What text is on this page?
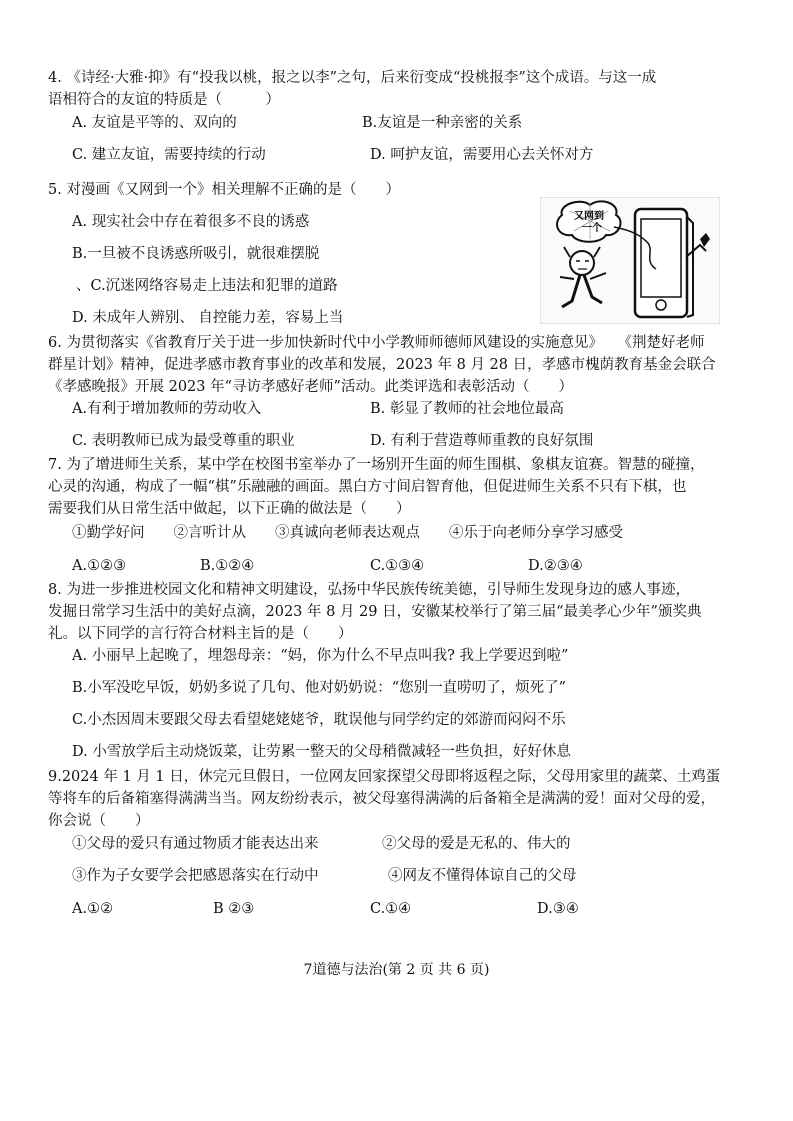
4. 《诗经·大雅·抑》有“投我以桃，报之以李”之句，后来衍变成“投桃报李”这个成语。与这一成
语相符合的友谊的特质是（　　　）
A. 友谊是平等的、双向的	B.友谊是一种亲密的关系
C. 建立友谊，需要持续的行动	D. 呵护友谊，需要用心去关怀对方
5. 对漫画《又网到一个》相关理解不正确的是（　　）
A. 现实社会中存在着很多不良的诱惑
B.一旦被不良诱惑所吸引，就很难摆脱
、C.沉迷网络容易走上违法和犯罪的道路
D. 未成年人辨别、 自控能力差，容易上当
又网到
一个
6. 为贯彻落实《省教育厅关于进一步加快新时代中小学教师师德师风建设的实施意见》　　《荆楚好老师
群星计划》精神，促进孝感市教育事业的改革和发展，2023 年 8 月 28 日，孝感市槐荫教育基金会联合
《孝感晚报》开展 2023 年“寻访孝感好老师”活动。此类评选和表彰活动（　　）
A.有利于增加教师的劳动收入	B. 彰显了教师的社会地位最高
C. 表明教师已成为最受尊重的职业	D. 有利于营造尊师重教的良好氛围
7. 为了增进师生关系，某中学在校图书室举办了一场别开生面的师生围棋、象棋友谊赛。智慧的碰撞，
心灵的沟通，构成了一幅“棋”乐融融的画面。黑白方寸间启智育他，但促进师生关系不只有下棋，也
需要我们从日常生活中做起，以下正确的做法是（　　）
①勤学好问　　②言听计从　　③真诚向老师表达观点　　④乐于向老师分享学习感受
A.①②③	B.①②④	C.①③④	D.②③④
8. 为进一步推进校园文化和精神文明建设，弘扬中华民族传统美德，引导师生发现身边的感人事迹，
发掘日常学习生活中的美好点滴，2023 年 8 月 29 日，安徽某校举行了第三届“最美孝心少年”颁奖典
礼。以下同学的言行符合材料主旨的是（　　）
A. 小丽早上起晚了，埋怨母亲：“妈，你为什么不早点叫我? 我上学要迟到啦”
B.小军没吃早饭，奶奶多说了几句、他对奶奶说：“您别一直唠叨了，烦死了”
C.小杰因周末要跟父母去看望姥姥姥爷，耽误他与同学约定的郊游而闷闷不乐
D. 小雪放学后主动烧饭菜，让劳累一整天的父母稍微减轻一些负担，好好休息
9.2024 年 1 月 1 日，休完元旦假日，一位网友回家探望父母即将返程之际，父母用家里的蔬菜、土鸡蛋
等将车的后备箱塞得满满当当。网友纷纷表示，被父母塞得满满的后备箱全是满满的爱！面对父母的爱，
你会说（　　）
①父母的爱只有通过物质才能表达出来	②父母的爱是无私的、伟大的
③作为子女要学会把感恩落实在行动中	④网友不懂得体谅自己的父母
A.①②	B ②③	C.①④	D.③④
7道德与法治(第 2 页 共 6 页)
